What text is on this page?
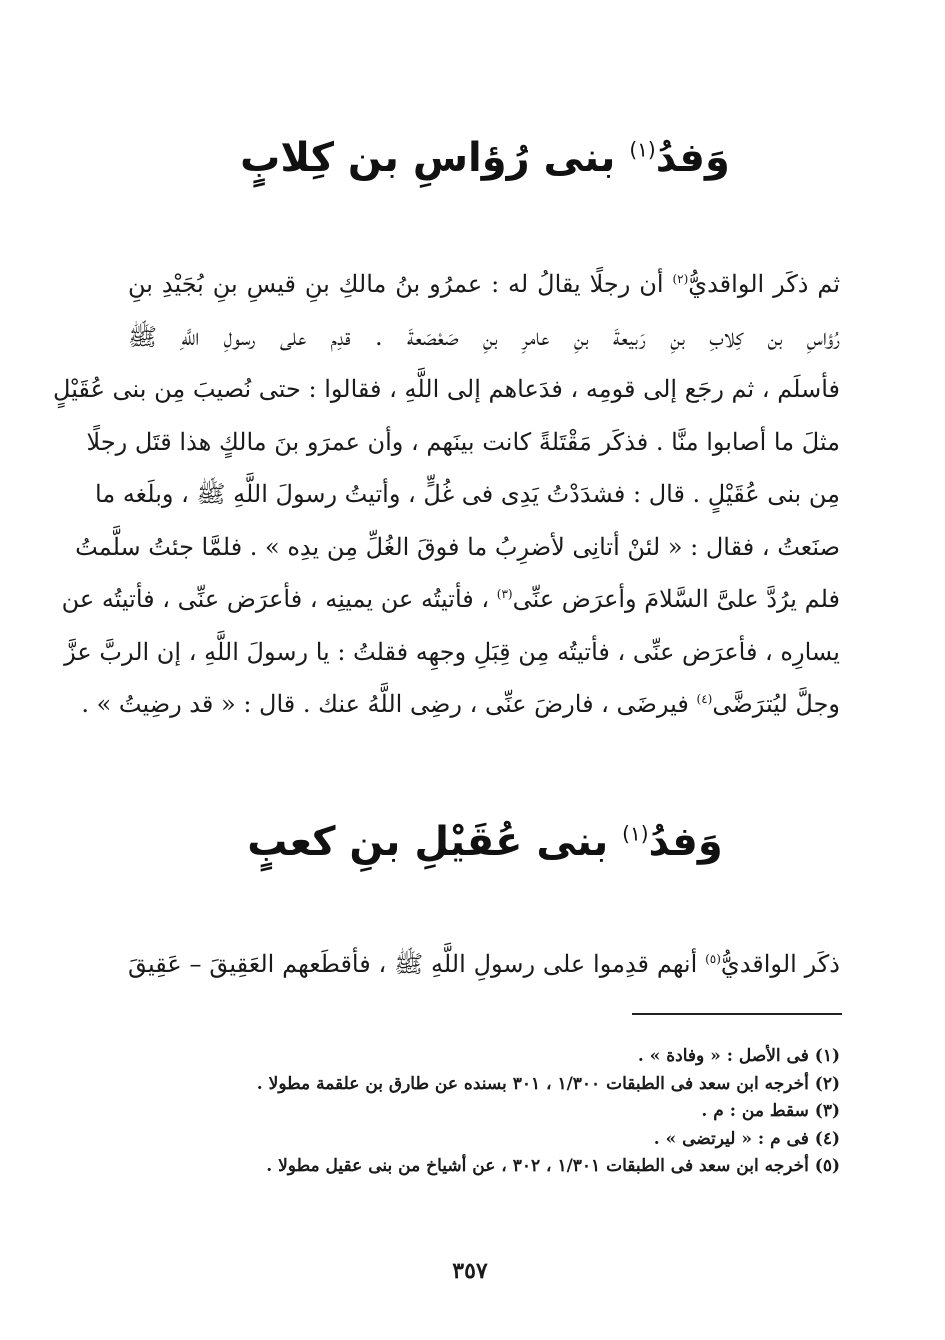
وَفدُ$^{(١)}$ بنى رُؤاسِ بن كِلابٍ
ثم ذكَر الواقديُّ$^{(٢)}$ أن رجلًا يقالُ له : عمرُو بنُ مالكِ بنِ قيسِ بنِ بُجَيْدِ بنِ
رُؤاسِ بن كِلابِ بنِ رَبيعةَ بنِ عامرِ بنِ صَعْصَعةَ . قدِم على رسولِ اللَّهِ ﷺ
فأسلَم ، ثم رجَع إلى قومِه ، فدَعاهم إلى اللَّهِ ، فقالوا : حتى نُصيبَ مِن بنى عُقَيْلٍ
مثلَ ما أصابوا منَّا . فذكَر مَقْتَلةً كانت بينَهم ، وأن عمرَو بنَ مالكٍ هذا قتَل رجلًا
مِن بنى عُقَيْلٍ . قال : فشدَدْتُ يَدِى فى غُلٍّ ، وأتيتُ رسولَ اللَّهِ ﷺ ، وبلَغه ما
صنَعتُ ، فقال : « لئنْ أتانِى لأضرِبُ ما فوقَ الغُلِّ مِن يدِه » . فلمَّا جئتُ سلَّمتُ
فلم يرُدَّ علىَّ السَّلامَ وأعرَض عنِّى$^{(٣)}$ ، فأتيتُه عن يمينِه ، فأعرَض عنِّى ، فأتيتُه عن
يسارِه ، فأعرَض عنِّى ، فأتيتُه مِن قِبَلِ وجهِه فقلتُ : يا رسولَ اللَّهِ ، إن الربَّ عزَّ
وجلَّ ليُترَضَّى$^{(٤)}$ فيرضَى ، فارضَ عنِّى ، رضِى اللَّهُ عنك . قال : « قد رضِيتُ » .
وَفدُ$^{(١)}$ بنى عُقَيْلِ بنِ كعبٍ
ذكَر الواقديُّ$^{(٥)}$ أنهم قدِموا على رسولِ اللَّهِ ﷺ ، فأقطَعهم العَقِيقَ – عَقِيقَ
(١) فى الأصل : « وفادة » .
(٢) أخرجه ابن سعد فى الطبقات ١/٣٠٠ ، ٣٠١ بسنده عن طارق بن علقمة مطولا .
(٣) سقط من : م .
(٤) فى م : « ليرتضى » .
(٥) أخرجه ابن سعد فى الطبقات ١/٣٠١ ، ٣٠٢ ، عن أشياخ من بنى عقيل مطولا .
٣٥٧
